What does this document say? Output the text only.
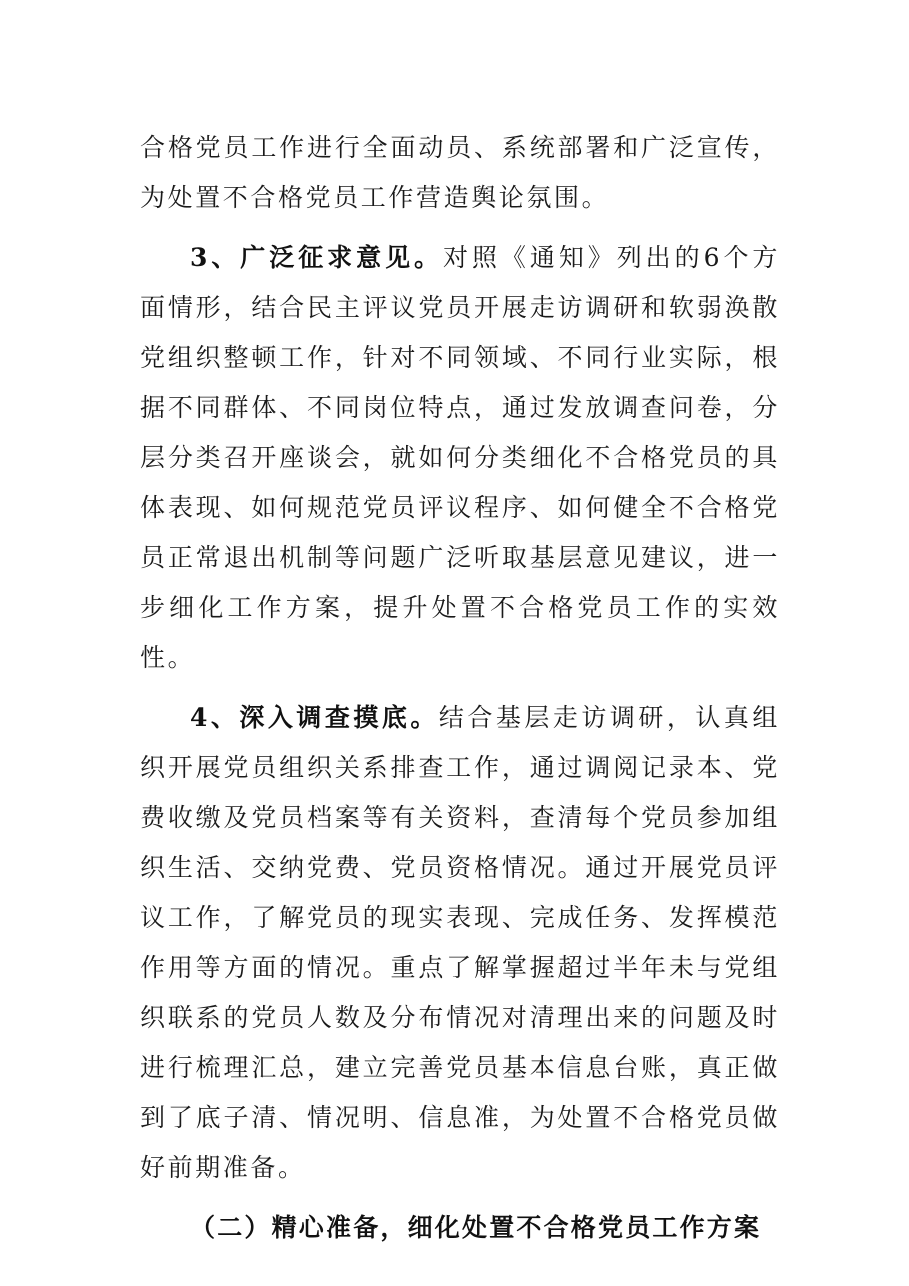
合格党员工作进行全面动员、系统部署和广泛宣传，为处置不合格党员工作营造舆论氛围。

3、广泛征求意见。对照《通知》列出的6个方面情形，结合民主评议党员开展走访调研和软弱涣散党组织整顿工作，针对不同领域、不同行业实际，根据不同群体、不同岗位特点，通过发放调查问卷，分层分类召开座谈会，就如何分类细化不合格党员的具体表现、如何规范党员评议程序、如何健全不合格党员正常退出机制等问题广泛听取基层意见建议，进一步细化工作方案，提升处置不合格党员工作的实效性。

4、深入调查摸底。结合基层走访调研，认真组织开展党员组织关系排查工作，通过调阅记录本、党费收缴及党员档案等有关资料，查清每个党员参加组织生活、交纳党费、党员资格情况。通过开展党员评议工作，了解党员的现实表现、完成任务、发挥模范作用等方面的情况。重点了解掌握超过半年未与党组织联系的党员人数及分布情况对清理出来的问题及时进行梳理汇总，建立完善党员基本信息台账，真正做到了底子清、情况明、信息准，为处置不合格党员做好前期准备。

（二）精心准备，细化处置不合格党员工作方案
